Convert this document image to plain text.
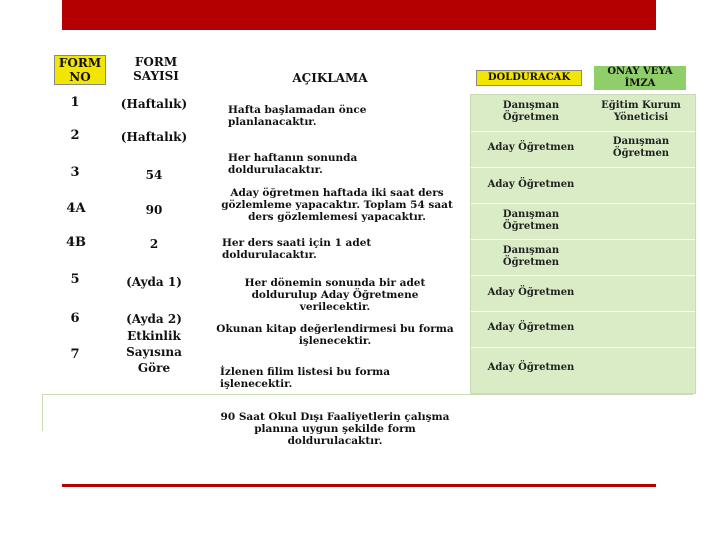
FORM
NO
FORM
SAYISI	AÇIKLAMA	DOLDURACAK
ONAY VEYA
İMZA
1
2
3
4A
4B
5
6
7
(Haftalık)
(Haftalık)
54
90
2
(Ayda 1)
(Ayda 2)
Etkinlik
Sayısına
Göre
Hafta başlamadan önce
planlanacaktır.
Her haftanın sonunda
doldurulacaktır.
Aday öğretmen haftada iki saat ders
gözlemleme yapacaktır. Toplam 54 saat
ders gözlemlemesi yapacaktır.
Her ders saati için 1 adet
doldurulacaktır.
Her dönemin sonunda bir adet
doldurulup Aday Öğretmene
verilecektir.
Okunan kitap değerlendirmesi bu forma
işlenecektir.
İzlenen filim listesi bu forma
işlenecektir.
Danışman
Öğretmen
Eğitim Kurum
Yöneticisi
Aday Öğretmen
Danışman
Öğretmen
Aday Öğretmen
Danışman
Öğretmen
Danışman
Öğretmen
Aday Öğretmen
Aday Öğretmen
Aday Öğretmen
90 Saat Okul Dışı Faaliyetlerin çalışma
planına uygun şekilde form
doldurulacaktır.
